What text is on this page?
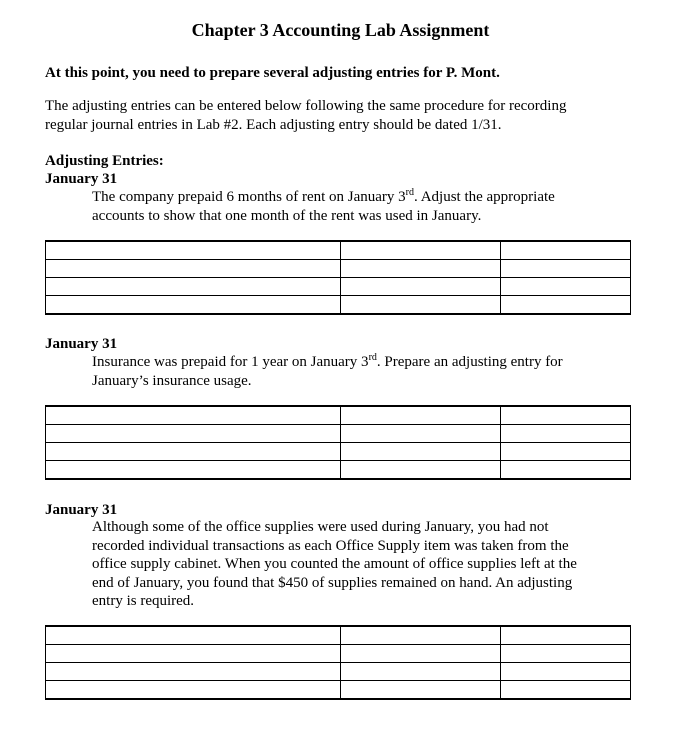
Chapter 3 Accounting Lab Assignment
At this point, you need to prepare several adjusting entries for P. Mont.
The adjusting entries can be entered below following the same procedure for recording
regular journal entries in Lab #2. Each adjusting entry should be dated 1/31.
Adjusting Entries:
January 31
The company prepaid 6 months of rent on January 3rd. Adjust the appropriate
accounts to show that one month of the rent was used in January.

January 31
Insurance was prepaid for 1 year on January 3rd. Prepare an adjusting entry for
January’s insurance usage.

January 31
Although some of the office supplies were used during January, you had not
recorded individual transactions as each Office Supply item was taken from the
office supply cabinet. When you counted the amount of office supplies left at the
end of January, you found that $450 of supplies remained on hand. An adjusting
entry is required.
